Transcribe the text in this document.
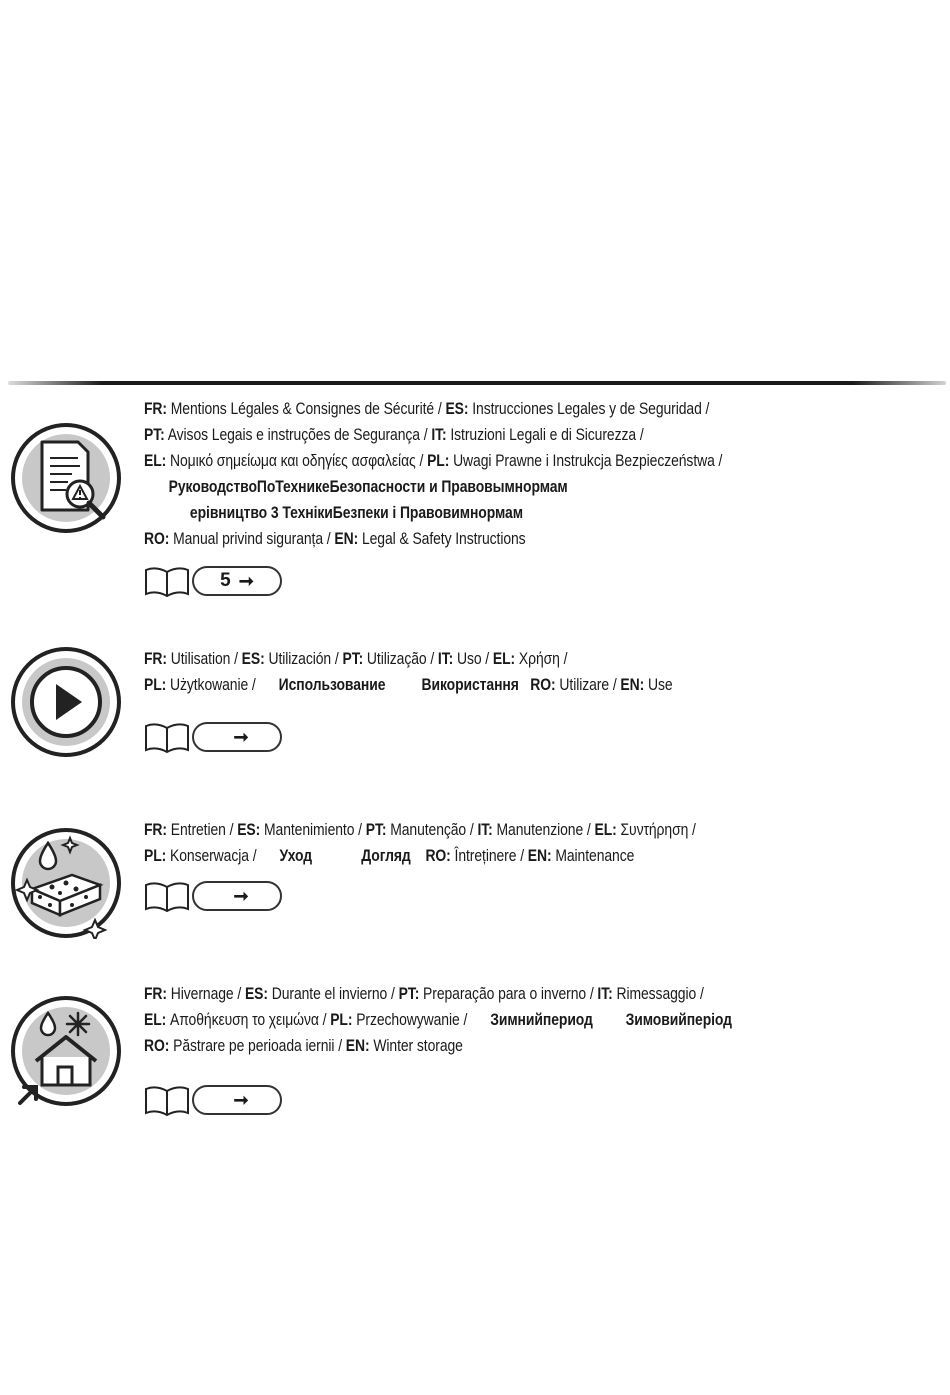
FR: Mentions Légales & Consignes de Sécurité / ES: Instrucciones Legales y de Seguridad /
PT: Avisos Legais e instruções de Segurança / IT: Istruzioni Legali e di Sicurezza /
EL: Νομικό σημείωμα και οδηγίες ασφαλείας / PL: Uwagi Prawne i Instrukcja Bezpieczeństwa /
РуководствоПоТехникеБезопасности и Правовымнормам
ерівництво 3 ТехнікиБезпеки і Правовимнормам
RO: Manual privind siguranța / EN: Legal & Safety Instructions
5 ➞
FR: Utilisation / ES: Utilización / PT: Utilização / IT: Uso / EL: Χρήση /
PL: Użytkowanie / Использование Використання RO: Utilizare / EN: Use
➞
FR: Entretien / ES: Mantenimiento / PT: Manutenção / IT: Manutenzione / EL: Συντήρηση /
PL: Konserwacja / Уход	Догляд RO: Întreținere / EN: Maintenance
➞
FR: Hivernage / ES: Durante el invierno / PT: Preparação para o inverno / IT: Rimessaggio /
EL: Αποθήκευση το χειμώνα / PL: Przechowywanie / Зимнийпериод Зимовийперіод
RO: Păstrare pe perioada iernii / EN: Winter storage
➞
